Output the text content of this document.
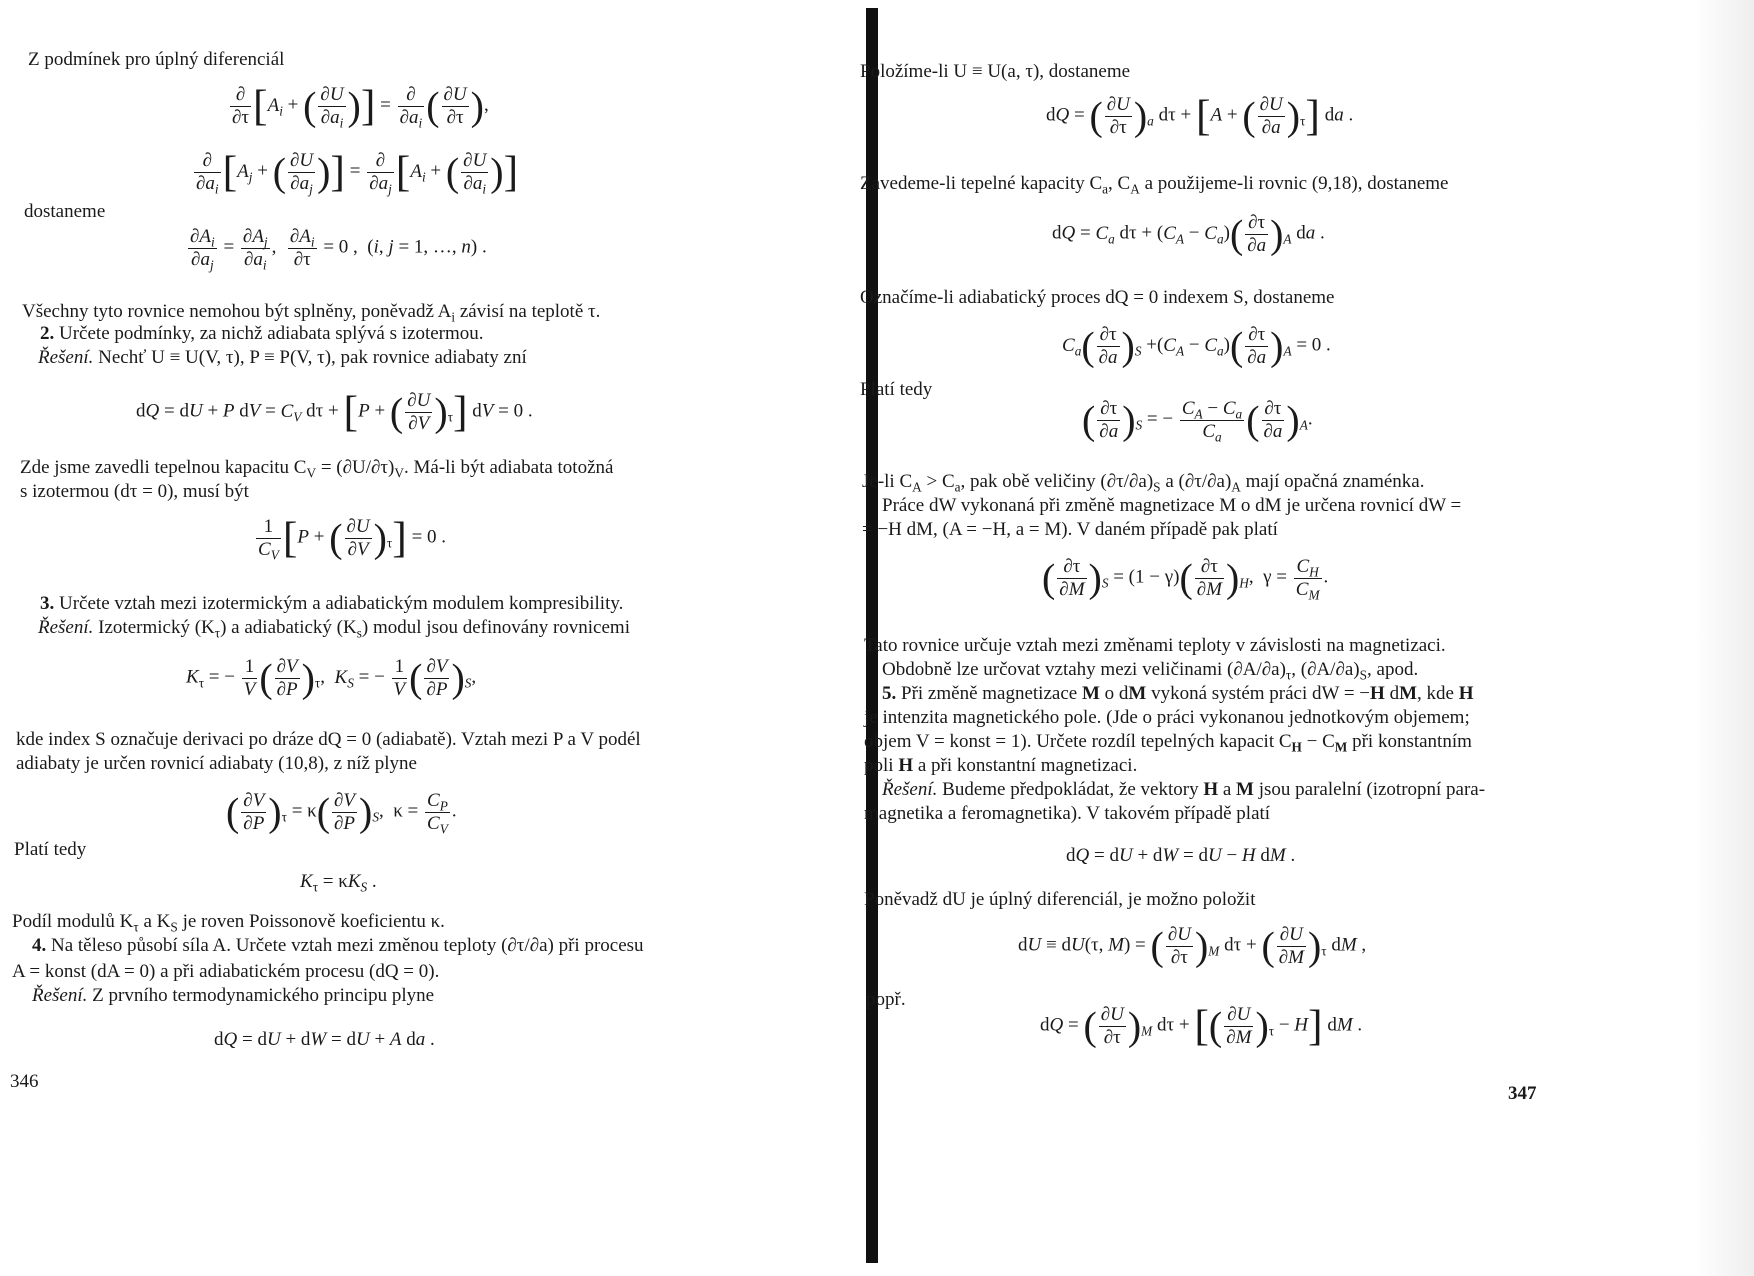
Z podmínek pro úplný diferenciál
$\frac{\partial}{\partial\tau} [A_i$ + ( $\frac{\partial U}{\partial a_i}$ )] = $\frac{\partial}{\partial a_i}$ ( $\frac{\partial U}{\partial\tau}$ ),
$\frac{\partial}{\partial a_i} [A_j$ + ( $\frac{\partial U}{\partial a_j}$ )] = $\frac{\partial}{\partial a_j} [A_i$ + ( $\frac{\partial U}{\partial a_i}$ )]
dostaneme
$\frac{\partial A_i}{\partial a_j} = \frac{\partial A_j}{\partial a_i}$ , $\frac{\partial A_i}{\partial\tau} = 0$ ,  (i, j = 1, …, n) .
Všechny tyto rovnice nemohou být splněny, poněvadž $A_i$ závisí na teplotě τ.
2. Určete podmínky, za nichž adiabata splývá s izotermou.
Řešení. Nechť U ≡ U(V, τ), P ≡ P(V, τ), pak rovnice adiabaty zní
dQ = dU + P dV = $C_V$ dτ + [P + ( $\frac{\partial U}{\partial V} )_\tau$] dV = 0 .
Zde jsme zavedli tepelnou kapacitu $C_V = (\partial U/\partial\tau)_V$. Má-li být adiabata totožná
s izotermou (dτ = 0), musí být
$\frac{1}{C_V} [P$ + ( $\frac{\partial U}{\partial V} )_\tau] = 0$ .
3. Určete vztah mezi izotermickým a adiabatickým modulem kompresibility.
Řešení. Izotermický $(K_\tau)$ a adiabatický $(K_s)$ modul jsou definovány rovnicemi
$K_\tau$ = − $\frac{1}{V}$ ( $\frac{\partial V}{\partial P} )_\tau$,  $K_S$ = − $\frac{1}{V}$ ( $\frac{\partial V}{\partial P} )_S$,
kde index S označuje derivaci po dráze dQ = 0 (adiabatě). Vztah mezi P a V podél
adiabaty je určen rovnicí adiabaty (10,8), z níž plyne
( $\frac{\partial V}{\partial P} )_\tau = \kappa( \frac{\partial V}{\partial P} )_S$,  $\kappa = \frac{C_P}{C_V}$ .
Platí tedy
$K_\tau = \kappa K_S$ .
Podíl modulů $K_\tau$ a $K_S$ je roven Poissonově koeficientu κ.
4. Na těleso působí síla A. Určete vztah mezi změnou teploty (∂τ/∂a) při procesu
A = konst (dA = 0) a při adiabatickém procesu (dQ = 0).
Řešení. Z prvního termodynamického principu plyne
dQ = dU + dW = dU + A da .
346
Položíme-li U ≡ U(a, τ), dostaneme
dQ = ( $\frac{\partial U}{\partial\tau} )_a$ dτ + [A + ( $\frac{\partial U}{\partial a} )_\tau$] da .
Zavedeme-li tepelné kapacity $C_a$, $C_A$ a použijeme-li rovnic (9,18), dostaneme
dQ = $C_a$ $d\tau + (C_A - C_a)( \frac{\partial\tau}{\partial a} )_A$ da .
Označíme-li adiabatický proces dQ = 0 indexem S, dostaneme
$C_a( \frac{\partial\tau}{\partial a} )_S +(C_A - C_a)( \frac{\partial\tau}{\partial a} )_A = 0$ .
Platí tedy
( $\frac{\partial\tau}{\partial a} )_S$ = − $\frac{C_A - C_a}{C_a}$ ( $\frac{\partial\tau}{\partial a} )_A$.
Je-li $C_A > C_a$, pak obě veličiny $(\partial\tau/\partial a)_S$ a $(\partial\tau/\partial a)_A$ mají opačná znaménka.
Práce dW vykonaná při změně magnetizace M o dM je určena rovnicí dW =
= −H dM, (A = −H, a = M). V daném případě pak platí
( $\frac{\partial\tau}{\partial M} )_S = (1 - \gamma)( \frac{\partial\tau}{\partial M} )_H$,  $\gamma = \frac{C_H}{C_M}$ .
Tato rovnice určuje vztah mezi změnami teploty v závislosti na magnetizaci.
Obdobně lze určovat vztahy mezi veličinami $(\partial A/\partial a)_\tau$, $(\partial A/\partial a)_S$, apod.
5. Při změně magnetizace M o dM vykoná systém práci dW = −H dM, kde H
je intenzita magnetického pole. (Jde o práci vykonanou jednotkovým objemem;
objem V = konst = 1). Určete rozdíl tepelných kapacit $C_H - C_M$ při konstantním
poli H a při konstantní magnetizaci.
Řešení. Budeme předpokládat, že vektory H a M jsou paralelní (izotropní para-
magnetika a feromagnetika). V takovém případě platí
dQ = dU + dW = dU − H dM .
Poněvadž dU je úplný diferenciál, je možno položit
dU ≡ dU(τ, M) = ( $\frac{\partial U}{\partial\tau} )_M$ dτ + ( $\frac{\partial U}{\partial M} )_\tau$ dM ,
popř.
dQ = ( $\frac{\partial U}{\partial\tau} )_M$ dτ + [( $\frac{\partial U}{\partial M} )_\tau - H$] dM .
347
